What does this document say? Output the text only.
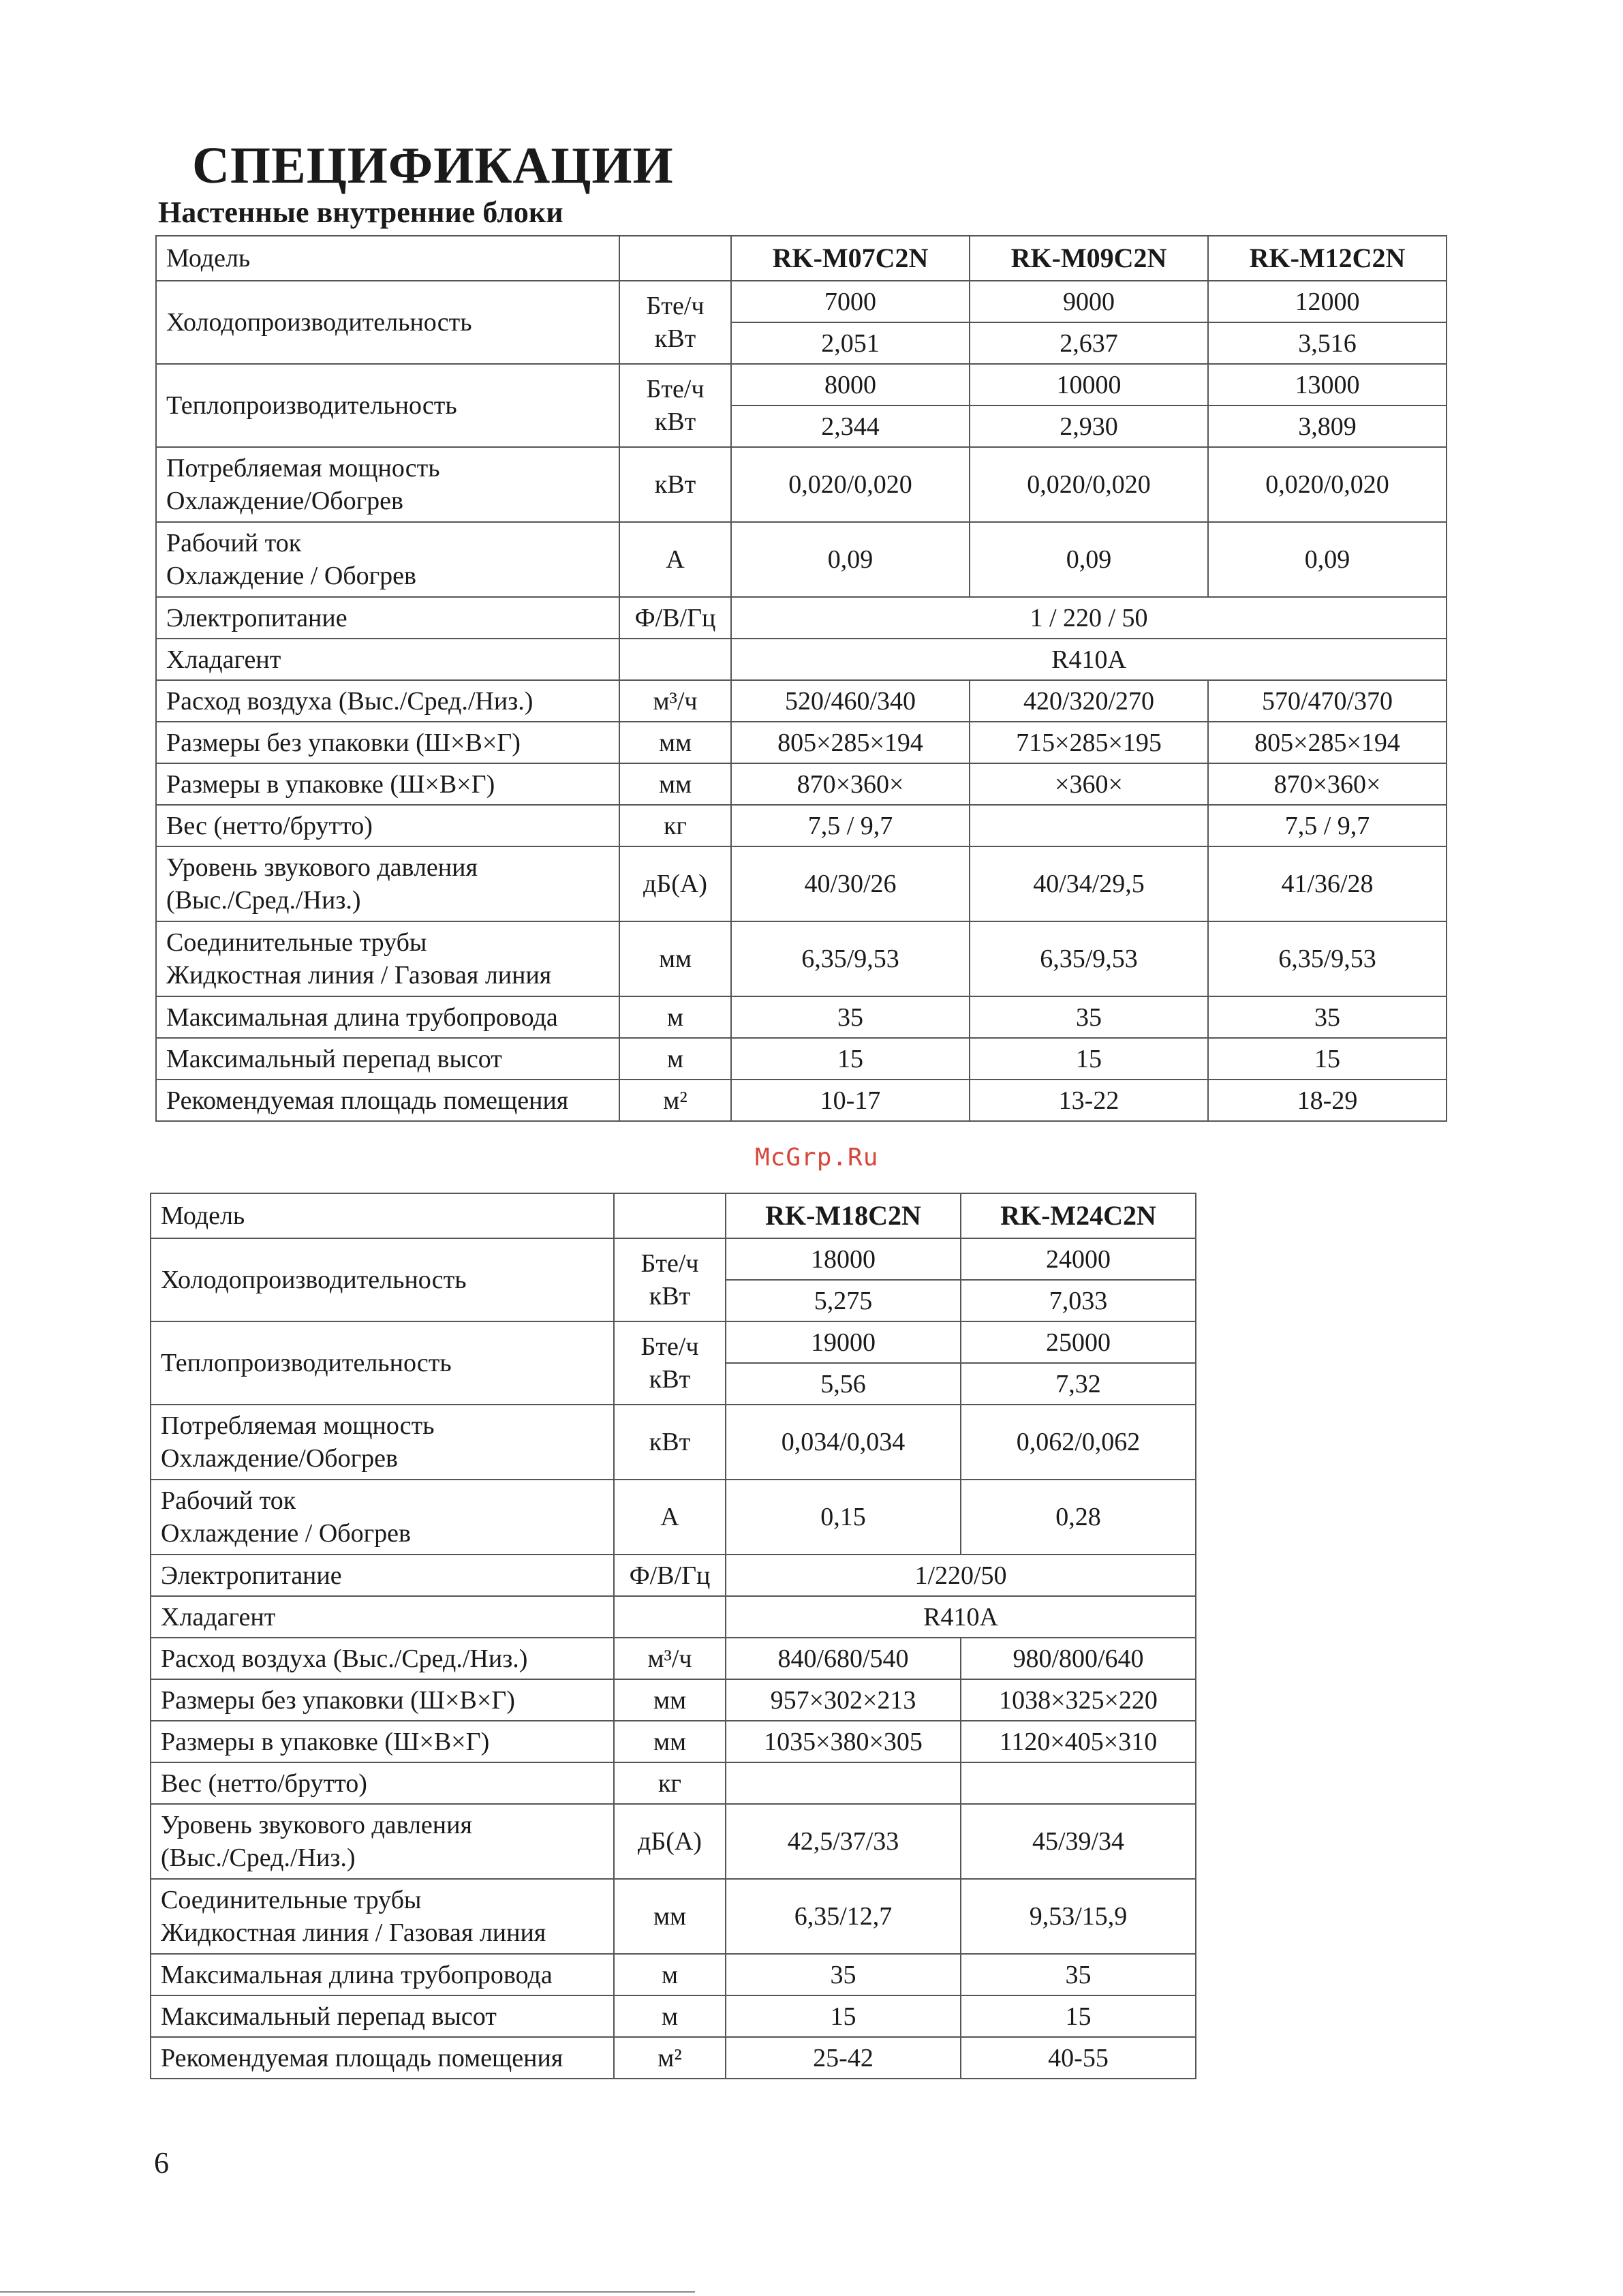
СПЕЦИФИКАЦИИ
Настенные внутренние блоки
Модель		RK-M07C2N	RK-M09C2N	RK-M12C2N
Холодопроизводительность	Бте/ч	7000	9000	12000
	кВт	2,051	2,637	3,516
Теплопроизводительность	Бте/ч	8000	10000	13000
	кВт	2,344	2,930	3,809
Потребляемая мощность
Охлаждение/Обогрев	кВт	0,020/0,020	0,020/0,020	0,020/0,020
Рабочий ток
Охлаждение / Обогрев	А	0,09	0,09	0,09
Электропитание	Ф/В/Гц	1 / 220 / 50		
Хладагент		R410A		
Расход воздуха (Выс./Сред./Низ.)	м³/ч	520/460/340	420/320/270	570/470/370
Размеры без упаковки (Ш×В×Г)	мм	805×285×194	715×285×195	805×285×194
Размеры в упаковке (Ш×В×Г)	мм	870×360×	×360×	870×360×
Вес (нетто/брутто)	кг	7,5 / 9,7		7,5 / 9,7
Уровень звукового давления
(Выс./Сред./Низ.)	дБ(А)	40/30/26	40/34/29,5	41/36/28
Соединительные трубы
Жидкостная линия / Газовая линия	мм	6,35/9,53	6,35/9,53	6,35/9,53
Максимальная длина трубопровода	м	35	35	35
Максимальный перепад высот	м	15	15	15
Рекомендуемая площадь помещения	м²	10-17	13-22	18-29
McGrp.Ru
Модель		RK-M18C2N	RK-M24C2N
Холодопроизводительность	Бте/ч	18000	24000
	кВт	5,275	7,033
Теплопроизводительность	Бте/ч	19000	25000
	кВт	5,56	7,32
Потребляемая мощность
Охлаждение/Обогрев	кВт	0,034/0,034	0,062/0,062
Рабочий ток
Охлаждение / Обогрев	А	0,15	0,28
Электропитание	Ф/В/Гц	1/220/50	
Хладагент		R410A	
Расход воздуха (Выс./Сред./Низ.)	м³/ч	840/680/540	980/800/640
Размеры без упаковки (Ш×В×Г)	мм	957×302×213	1038×325×220
Размеры в упаковке (Ш×В×Г)	мм	1035×380×305	1120×405×310
Вес (нетто/брутто)	кг		
Уровень звукового давления
(Выс./Сред./Низ.)	дБ(А)	42,5/37/33	45/39/34
Соединительные трубы
Жидкостная линия / Газовая линия	мм	6,35/12,7	9,53/15,9
Максимальная длина трубопровода	м	35	35
Максимальный перепад высот	м	15	15
Рекомендуемая площадь помещения	м²	25-42	40-55
6
